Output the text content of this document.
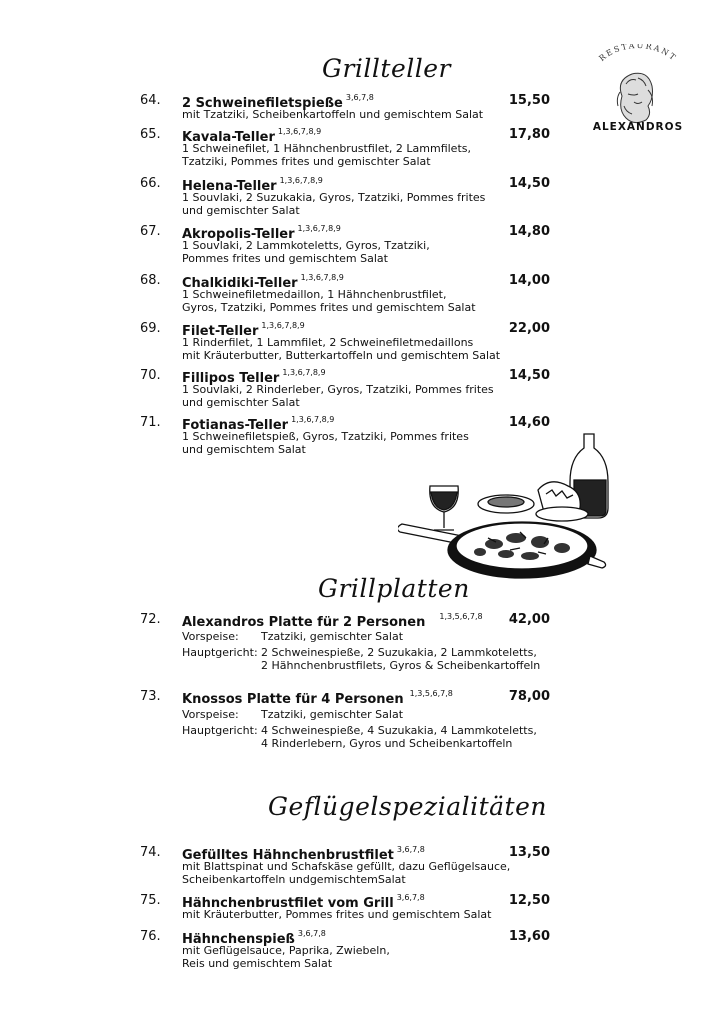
RESTAURANT
ALEXANDROS
Grillteller
Grillplatten
Geflügelspezialitäten
64.	2 Schweinefiletspieße $^{3,6,7,8}$	15,50
mit Tzatziki, Scheibenkartoffeln und gemischtem Salat
65.	Kavala-Teller $^{1,3,6,7,8,9}$	17,80
1 Schweinefilet, 1 Hähnchenbrustfilet, 2 Lammfilets,
Tzatziki, Pommes frites und gemischter Salat
66.	Helena-Teller $^{1,3,6,7,8,9}$	14,50
1 Souvlaki, 2 Suzukakia, Gyros, Tzatziki, Pommes frites
und gemischter Salat
67.	Akropolis-Teller $^{1,3,6,7,8,9}$	14,80
1 Souvlaki, 2 Lammkoteletts, Gyros, Tzatziki,
Pommes frites und gemischtem Salat
68.	Chalkidiki-Teller $^{1,3,6,7,8,9}$	14,00
1 Schweinefiletmedaillon, 1 Hähnchenbrustfilet,
Gyros, Tzatziki, Pommes frites und gemischtem Salat
69.	Filet-Teller $^{1,3,6,7,8,9}$	22,00
1 Rinderfilet, 1 Lammfilet, 2 Schweinefiletmedaillons
mit Kräuterbutter, Butterkartoffeln und gemischtem Salat
70.	Fillipos Teller $^{1,3,6,7,8,9}$	14,50
1 Souvlaki, 2 Rinderleber, Gyros, Tzatziki, Pommes frites
und gemischter Salat
71.	Fotianas-Teller $^{1,3,6,7,8,9}$	14,60
1 Schweinefiletspieß, Gyros, Tzatziki, Pommes frites
und gemischtem Salat
72.	Alexandros Platte für 2 Personen $^{1,3,5,6,7,8}$	42,00
Vorspeise: Tzatziki, gemischter Salat
Hauptgericht: 2 Schweinespieße, 2 Suzukakia, 2 Lammkoteletts,
2 Hähnchenbrustfilets, Gyros & Scheibenkartoffeln
73.	Knossos Platte für 4 Personen $^{1,3,5,6,7,8}$	78,00
Vorspeise: Tzatziki, gemischter Salat
Hauptgericht: 4 Schweinespieße, 4 Suzukakia, 4 Lammkoteletts,
4 Rinderlebern, Gyros und Scheibenkartoffeln
74.	Gefülltes Hähnchenbrustfilet $^{3,6,7,8}$	13,50
mit Blattspinat und Schafskäse gefüllt, dazu Geflügelsauce,
Scheibenkartoffeln undgemischtemSalat
75.	Hähnchenbrustfilet vom Grill $^{3,6,7,8}$	12,50
mit Kräuterbutter, Pommes frites und gemischtem Salat
76.	Hähnchenspieß $^{3,6,7,8}$	13,60
mit Geflügelsauce, Paprika, Zwiebeln,
Reis und gemischtem Salat
